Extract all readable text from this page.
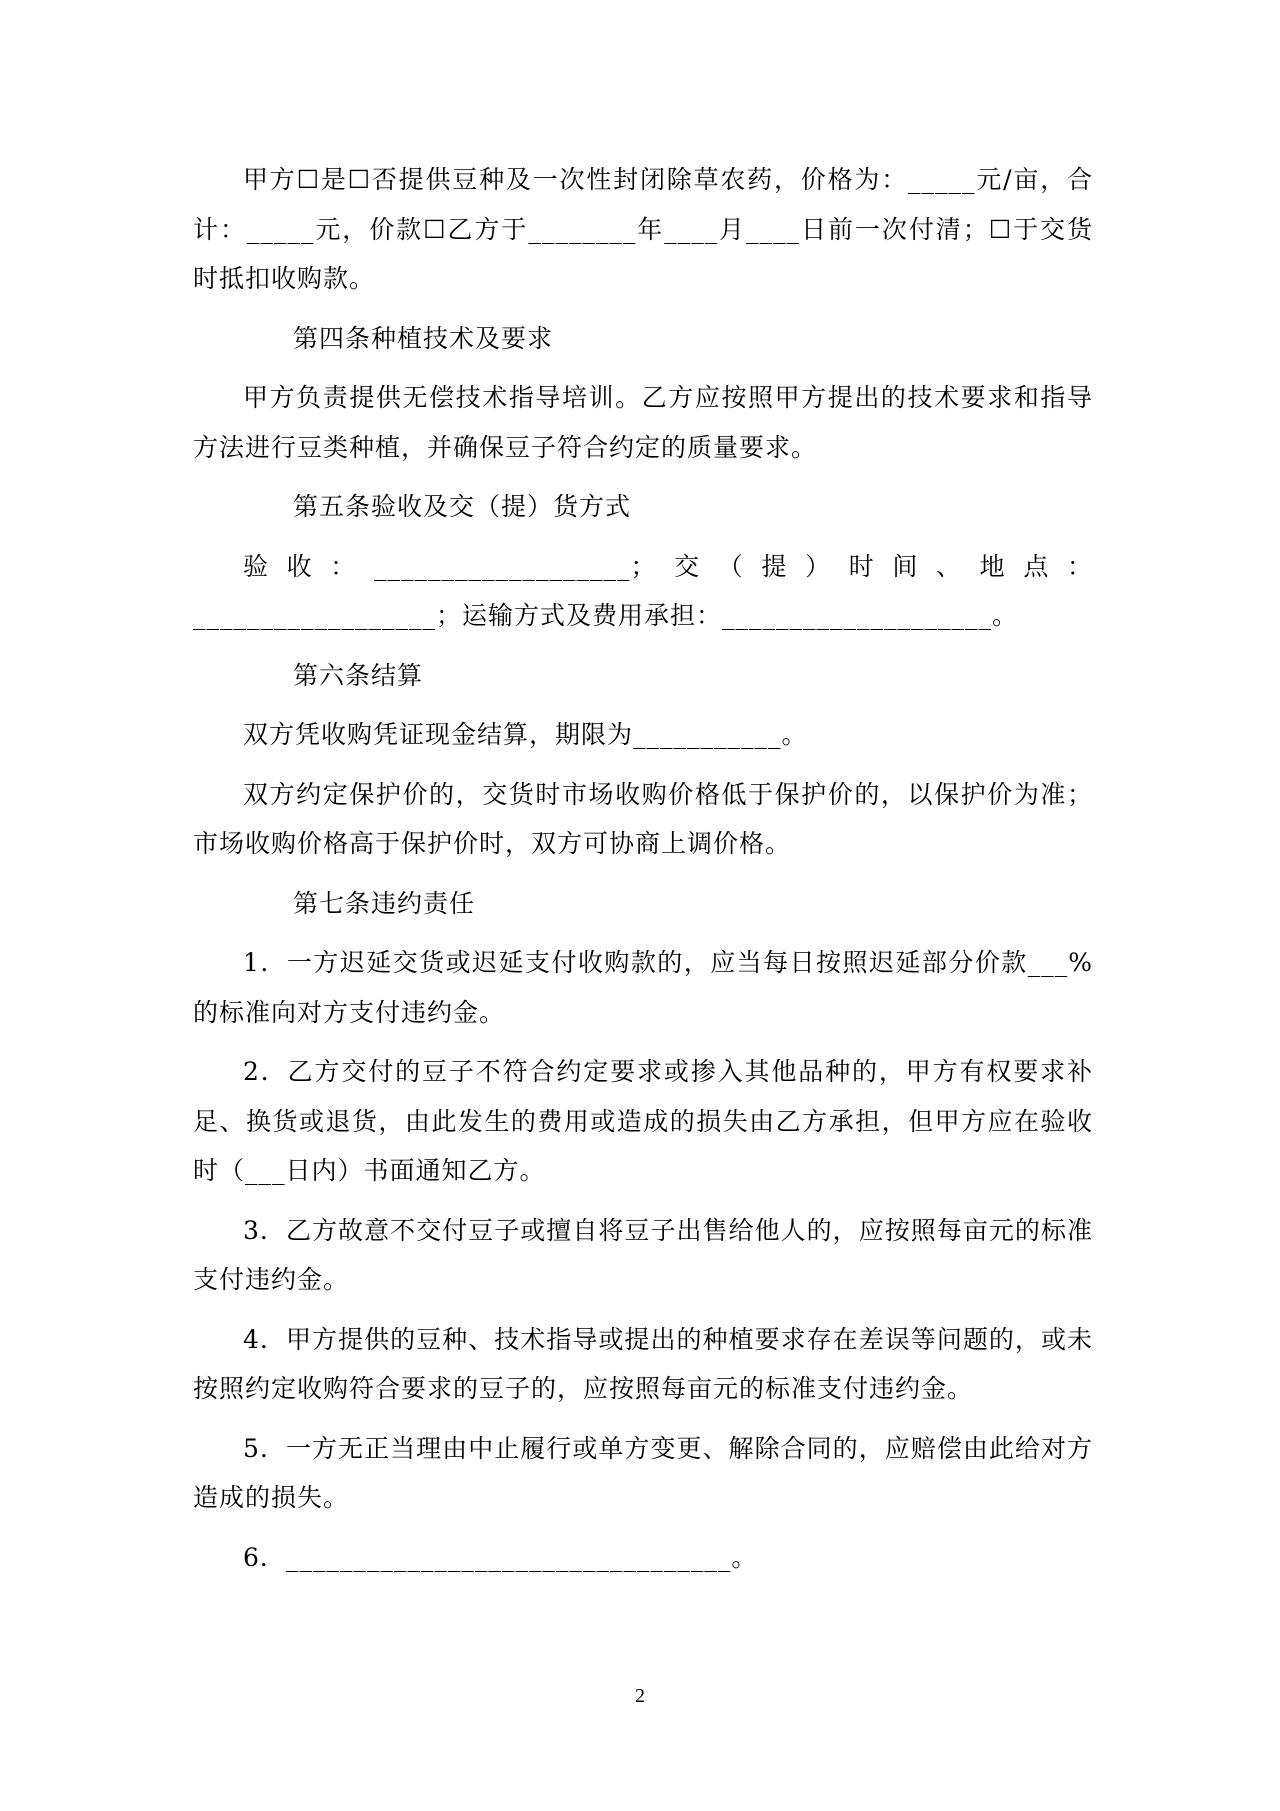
甲方☐是☐否提供豆种及一次性封闭除草农药，价格为：_____元/亩，合计：_____元，价款☐乙方于________年____月____日前一次付清；☐于交货时抵扣收购款。

第四条种植技术及要求

甲方负责提供无偿技术指导培训。乙方应按照甲方提出的技术要求和指导方法进行豆类种植，并确保豆子符合约定的质量要求。

第五条验收及交（提）货方式

验收：___________________；交（提）时间、地点：__________________；运输方式及费用承担：____________________。

第六条结算

双方凭收购凭证现金结算，期限为___________。

双方约定保护价的，交货时市场收购价格低于保护价的，以保护价为准；市场收购价格高于保护价时，双方可协商上调价格。

第七条违约责任

1．一方迟延交货或迟延支付收购款的，应当每日按照迟延部分价款___%的标准向对方支付违约金。

2．乙方交付的豆子不符合约定要求或掺入其他品种的，甲方有权要求补足、换货或退货，由此发生的费用或造成的损失由乙方承担，但甲方应在验收时（___日内）书面通知乙方。

3．乙方故意不交付豆子或擅自将豆子出售给他人的，应按照每亩元的标准支付违约金。

4．甲方提供的豆种、技术指导或提出的种植要求存在差误等问题的，或未按照约定收购符合要求的豆子的，应按照每亩元的标准支付违约金。

5．一方无正当理由中止履行或单方变更、解除合同的，应赔偿由此给对方造成的损失。

6．_________________________________。

2
